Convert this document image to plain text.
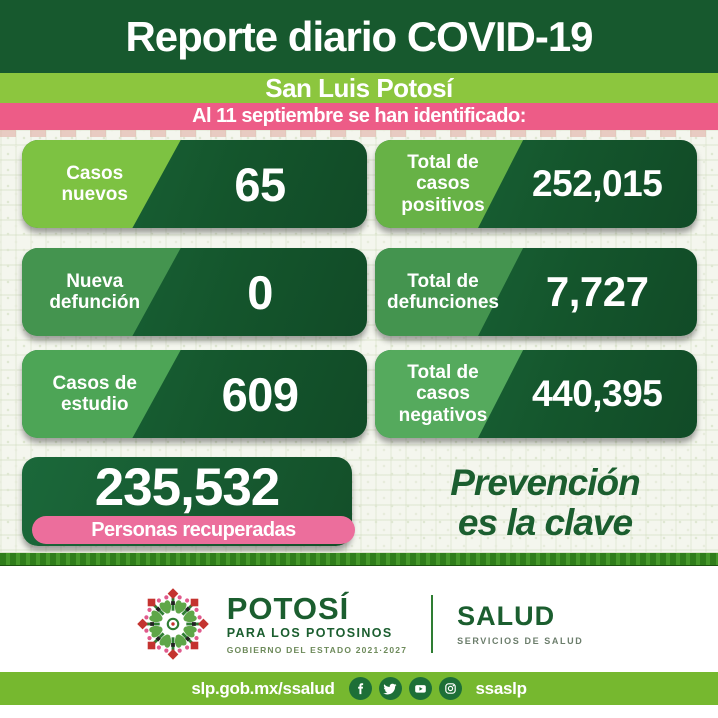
Reporte diario COVID-19
San Luis Potosí

Al 11 septiembre se han identificado:

Casos nuevos	65	Total de casos positivos
252,015
Nueva defunción	0	Total de defunciones	7,727
Casos de estudio	609	Total de casos negativos
440,395
235,532
Personas recuperadas
Prevención
es la clave
POTOSÍ
PARA LOS POTOSINOS
GOBIERNO DEL ESTADO 2021·2027
SALUD
SERVICIOS DE SALUD
slp.gob.mx/ssalud	ssaslp
